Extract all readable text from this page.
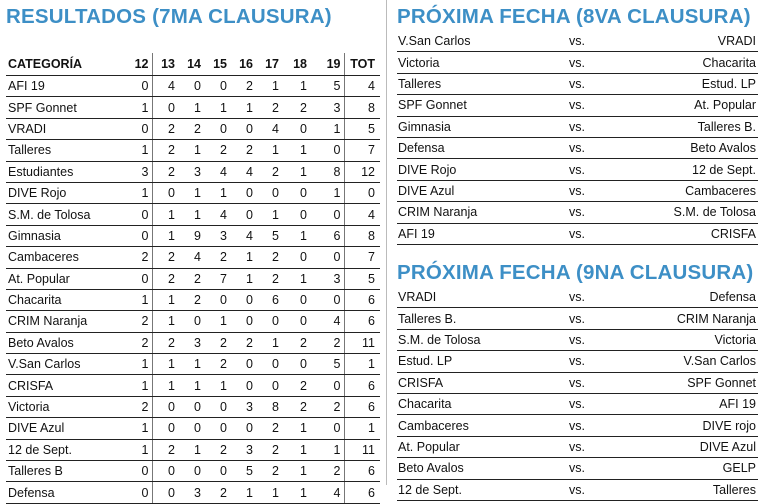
RESULTADOS (7MA CLAUSURA)
CATEGORÍA	12	13	14	15	16	17	18	19	TOT
AFI 19	0	4	0	0	2	1	1	5	4
SPF Gonnet	1	0	1	1	1	2	2	3	8
VRADI	0	2	2	0	0	4	0	1	5
Talleres	1	2	1	2	2	1	1	0	7
Estudiantes	3	2	3	4	4	2	1	8	12
DIVE Rojo	1	0	1	1	0	0	0	1	0
S.M. de Tolosa	0	1	1	4	0	1	0	0	4
Gimnasia	0	1	9	3	4	5	1	6	8
Cambaceres	2	2	4	2	1	2	0	0	7
At. Popular	0	2	2	7	1	2	1	3	5
Chacarita	1	1	2	0	0	6	0	0	6
CRIM Naranja	2	1	0	1	0	0	0	4	6
Beto Avalos	2	2	3	2	2	1	2	2	11
V.San Carlos	1	1	1	2	0	0	0	5	1
CRISFA	1	1	1	1	0	0	2	0	6
Victoria	2	0	0	0	3	8	2	2	6
DIVE Azul	1	0	0	0	0	2	1	0	1
12 de Sept.	1	2	1	2	3	2	1	1	11
Talleres B	0	0	0	0	5	2	1	2	6
Defensa	0	0	3	2	1	1	1	4	6
PRÓXIMA FECHA (8VA CLAUSURA)
V.San Carlos	vs.	VRADI
Victoria	vs.	Chacarita
Talleres	vs.	Estud. LP
SPF Gonnet	vs.	At. Popular
Gimnasia	vs.	Talleres B.
Defensa	vs.	Beto Avalos
DIVE Rojo	vs.	12 de Sept.
DIVE Azul	vs.	Cambaceres
CRIM Naranja	vs.	S.M. de Tolosa
AFI 19	vs.	CRISFA
PRÓXIMA FECHA (9NA CLAUSURA)
VRADI	vs.	Defensa
Talleres B.	vs.	CRIM Naranja
S.M. de Tolosa	vs.	Victoria
Estud. LP	vs.	V.San Carlos
CRISFA	vs.	SPF Gonnet
Chacarita	vs.	AFI 19
Cambaceres	vs.	DIVE rojo
At. Popular	vs.	DIVE Azul
Beto Avalos	vs.	GELP
12 de Sept.	vs.	Talleres
